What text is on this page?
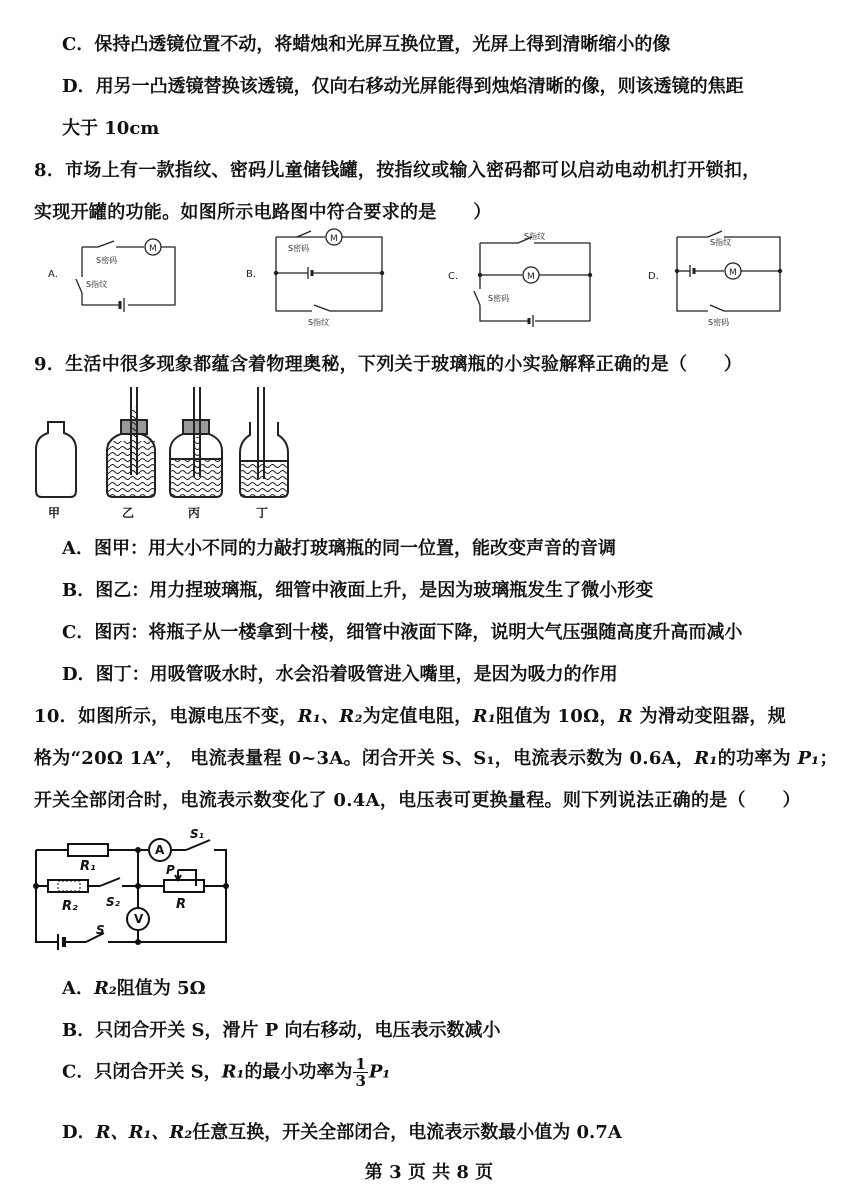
C．保持凸透镜位置不动，将蜡烛和光屏互换位置，光屏上得到清晰缩小的像
D．用另一凸透镜替换该透镜，仅向右移动光屏能得到烛焰清晰的像，则该透镜的焦距
大于 10cm
8．市场上有一款指纹、密码儿童储钱罐，按指纹或输入密码都可以启动电动机打开锁扣，
实现开罐的功能。如图所示电路图中符合要求的是　　）
A．	B．	C．	D．
M
M
M	M
S密码
S指纹
S密码
S指纹
S指纹
S密码
S指纹
S密码
9．生活中很多现象都蕴含着物理奥秘，下列关于玻璃瓶的小实验解释正确的是（　　）
甲	乙	丙	丁
A．图甲：用大小不同的力敲打玻璃瓶的同一位置，能改变声音的音调
B．图乙：用力捏玻璃瓶，细管中液面上升，是因为玻璃瓶发生了微小形变
C．图丙：将瓶子从一楼拿到十楼，细管中液面下降，说明大气压强随高度升高而减小
D．图丁：用吸管吸水时，水会沿着吸管进入嘴里，是因为吸力的作用
10．如图所示，电源电压不变，R₁、R₂为定值电阻，R₁阻值为 10Ω，R 为滑动变阻器，规
格为“20Ω 1A”， 电流表量程 0~3A。闭合开关 S、S₁，电流表示数为 0.6A，R₁的功率为 P₁；
开关全部闭合时，电流表示数变化了 0.4A，电压表可更换量程。则下列说法正确的是（　　）
R₁
R₂	R
P
S
S₁
S₂
A
V
A．R₂阻值为 5Ω
B．只闭合开关 S，滑片 P 向右移动，电压表示数减小
C．只闭合开关 S，R₁的最小功率为 $\frac{1}{3} P_1$
D．R、R₁、R₂任意互换，开关全部闭合，电流表示数最小值为 0.7A
第 3 页 共 8 页
